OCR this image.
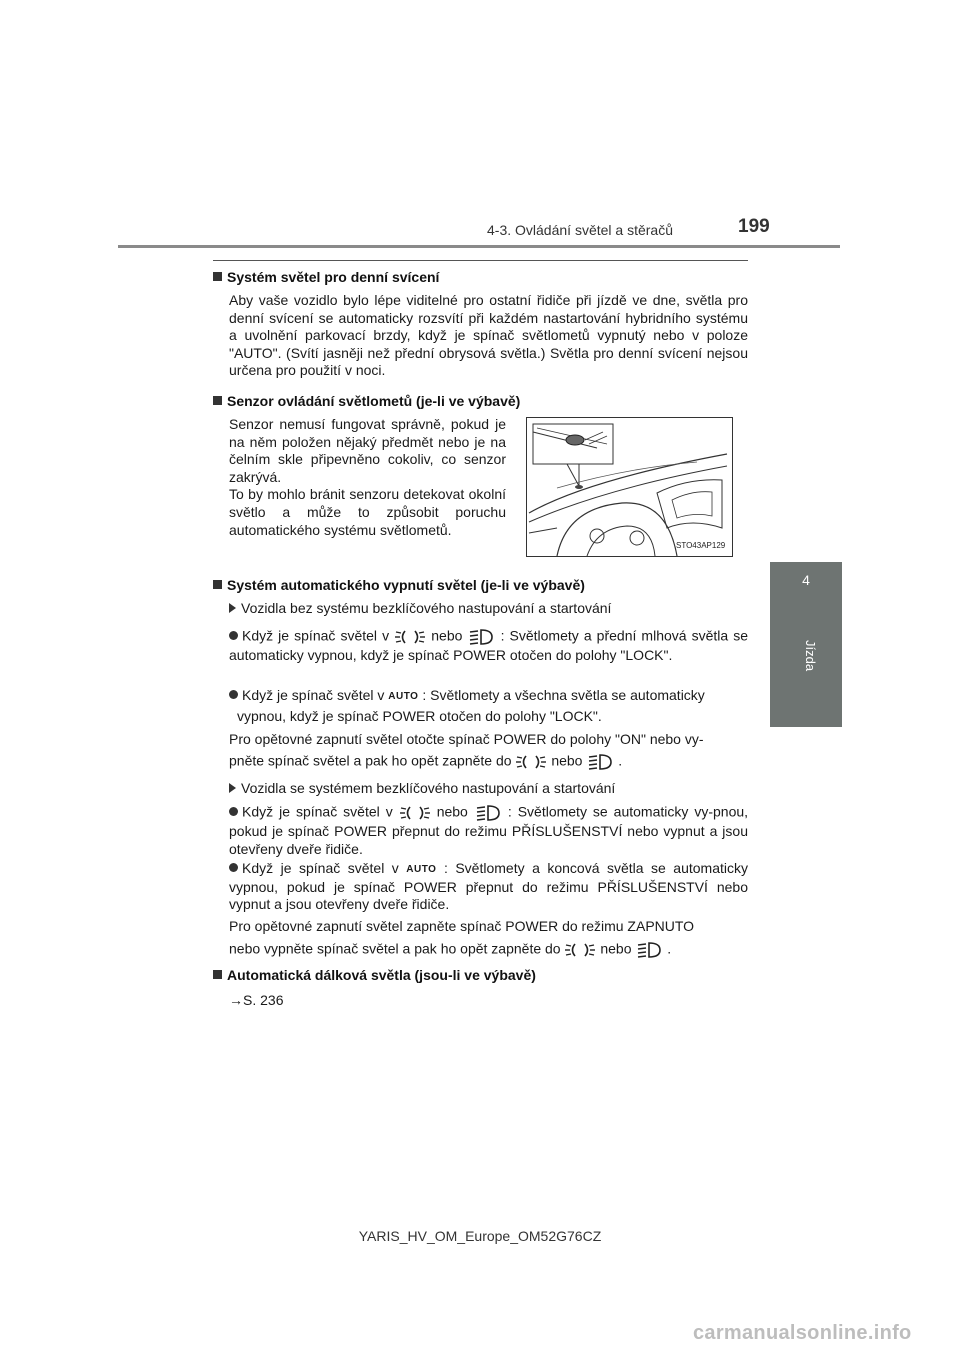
4-3. Ovládání světel a stěračů	199
4
Jízda
Systém světel pro denní svícení
Aby vaše vozidlo bylo lépe viditelné pro ostatní řidiče při jízdě ve dne, světla pro denní svícení se automaticky rozsvítí při každém nastartování hybridního systému a uvolnění parkovací brzdy, když je spínač světlometů vypnutý nebo v poloze "AUTO". (Svítí jasněji než přední obrysová světla.) Světla pro denní svícení nejsou určena pro použití v noci.
Senzor ovládání světlometů (je-li ve výbavě)
Senzor nemusí fungovat správně, pokud je na něm položen nějaký předmět nebo je na čelním skle připevněno cokoliv, co senzor zakrývá.
To by mohlo bránit senzoru detekovat okolní světlo a může to způsobit poruchu automatického systému světlometů.
STO43AP129
Systém automatického vypnutí světel (je-li ve výbavě)
Vozidla bez systému bezklíčového nastupování a startování
Když je spínač světel v	nebo	: Světlomety a přední mlhová světla se automaticky vypnou, když je spínač POWER otočen do polohy "LOCK".
Když je spínač světel v AUTO : Světlomety a všechna světla se automaticky
vypnou, když je spínač POWER otočen do polohy "LOCK".
Pro opětovné zapnutí světel otočte spínač POWER do polohy "ON" nebo vy-
pněte spínač světel a pak ho opět zapněte do	nebo	.
Vozidla se systémem bezklíčového nastupování a startování
Když je spínač světel v	nebo	: Světlomety se automaticky vy-pnou, pokud je spínač POWER přepnut do režimu PŘÍSLUŠENSTVÍ nebo vypnut a jsou otevřeny dveře řidiče.
Když je spínač světel v AUTO : Světlomety a koncová světla se automaticky vypnou, pokud je spínač POWER přepnut do režimu PŘÍSLUŠENSTVÍ nebo vypnut a jsou otevřeny dveře řidiče.
Pro opětovné zapnutí světel zapněte spínač POWER do režimu ZAPNUTO
nebo vypněte spínač světel a pak ho opět zapněte do	nebo	.
Automatická dálková světla (jsou-li ve výbavě)
→S. 236
YARIS_HV_OM_Europe_OM52G76CZ
carmanualsonline.info
